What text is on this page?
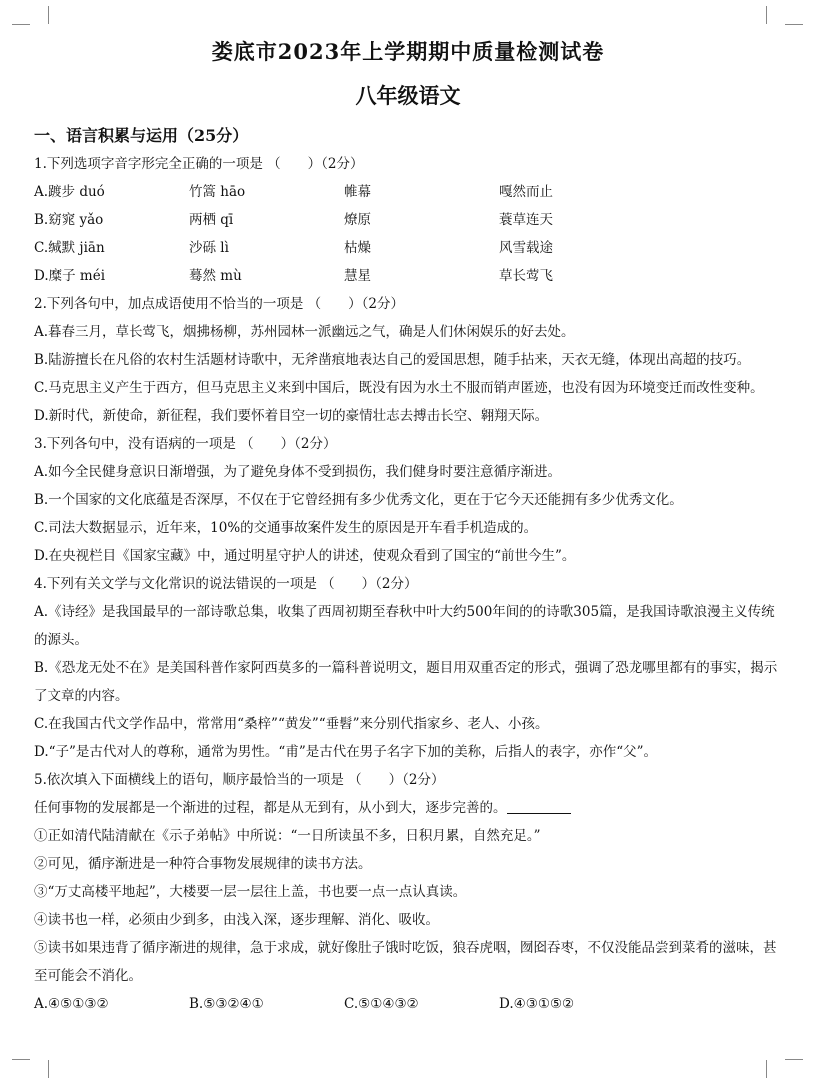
娄底市2023年上学期期中质量检测试卷
八年级语文
一、语言积累与运用（25分）
1.下列选项字音字形完全正确的一项是 （　　）（2分）
A.踱步 duó	竹篙 hāo	帷幕	嘎然而止
B.窈窕 yǎo	两栖 qī	燎原	蓑草连天
C.缄默 jiān	沙砾 lì	枯燥	风雪载途
D.糜子 méi	蓦然 mù	慧星	草长莺飞
2.下列各句中，加点成语使用不恰当的一项是 （　　）（2分）
A.暮春三月，草长莺飞，烟拂杨柳，苏州园林一派幽远之气，确是人们休闲娱乐的好去处。
B.陆游擅长在凡俗的农村生活题材诗歌中，无斧凿痕地表达自己的爱国思想，随手拈来，天衣无缝，体现出高超的技巧。
C.马克思主义产生于西方，但马克思主义来到中国后，既没有因为水土不服而销声匿迹，也没有因为环境变迁而改性变种。
D.新时代，新使命，新征程，我们要怀着目空一切的豪情壮志去搏击长空、翱翔天际。
3.下列各句中，没有语病的一项是 （　　）（2分）
A.如今全民健身意识日渐增强，为了避免身体不受到损伤，我们健身时要注意循序渐进。
B.一个国家的文化底蕴是否深厚，不仅在于它曾经拥有多少优秀文化，更在于它今天还能拥有多少优秀文化。
C.司法大数据显示，近年来，10%的交通事故案件发生的原因是开车看手机造成的。
D.在央视栏目《国家宝藏》中，通过明星守护人的讲述，使观众看到了国宝的“前世今生”。
4.下列有关文学与文化常识的说法错误的一项是 （　　）（2分）
A.《诗经》是我国最早的一部诗歌总集，收集了西周初期至春秋中叶大约500年间的的诗歌305篇，是我国诗歌浪漫主义传统的源头。
B.《恐龙无处不在》是美国科普作家阿西莫多的一篇科普说明文，题目用双重否定的形式，强调了恐龙哪里都有的事实，揭示了文章的内容。
C.在我国古代文学作品中，常常用“桑梓”“黄发”“垂髫”来分别代指家乡、老人、小孩。
D.“子”是古代对人的尊称，通常为男性。“甫”是古代在男子名字下加的美称，后指人的表字，亦作“父”。
5.依次填入下面横线上的语句，顺序最恰当的一项是 （　　）（2分）
任何事物的发展都是一个渐进的过程，都是从无到有，从小到大，逐步完善的。
①正如清代陆清献在《示子弟帖》中所说：“一日所读虽不多，日积月累，自然充足。”
②可见，循序渐进是一种符合事物发展规律的读书方法。
③“万丈高楼平地起”，大楼要一层一层往上盖，书也要一点一点认真读。
④读书也一样，必须由少到多，由浅入深，逐步理解、消化、吸收。
⑤读书如果违背了循序渐进的规律，急于求成，就好像肚子饿时吃饭，狼吞虎咽，囫囵吞枣，不仅没能品尝到菜肴的滋味，甚至可能会不消化。
A.④⑤①③②	B.⑤③②④①	C.⑤①④③②	D.④③①⑤②
